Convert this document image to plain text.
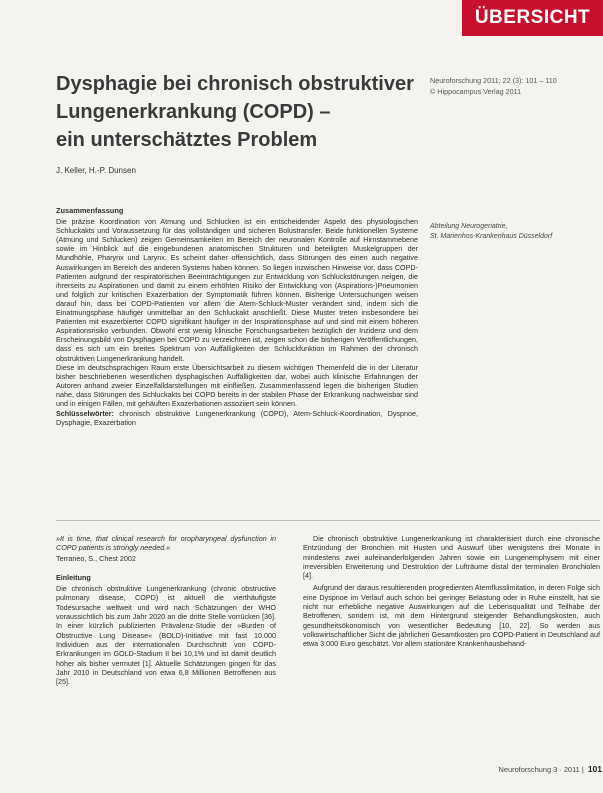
ÜBERSICHT
Dysphagie bei chronisch obstruktiver
Lungenerkrankung (COPD) –
ein unterschätztes Problem
Neuroforschung 2011; 22 (3): 101 – 110
© Hippocampus Verlag 2011
J. Keller, H.-P. Dunsen
Zusammenfassung

Die präzise Koordination von Atmung und Schlucken ist ein entscheidender Aspekt des physiologischen Schluckakts und Voraussetzung für das vollständigen und sicheren Bolustransfer. Beide funktionellen Systeme (Atmung und Schlucken) zeigen Gemeinsamkeiten im Bereich der neuronalen Kontrolle auf Hirnstammebene sowie im Hinblick auf die eingebundenen anatomischen Strukturen und beteiligten Muskelgruppen der Mundhöhle, Pharynx und Larynx. Es scheint daher offensichtlich, dass Störungen des einen auch negative Auswirkungen im Bereich des anderen Systems haben können. So liegen inzwischen Hinweise vor, dass COPD-Patienten aufgrund der respiratorischen Beeinträchtigungen zur Entwicklung von Schluckstörungen neigen, die ihrerseits zu Aspirationen und damit zu einem erhöhten Risiko der Entwicklung von (Aspirations-)Pneumonien und folglich zur kritischen Exazerbation der Symptomatik führen können. Bisherige Untersuchungen weisen darauf hin, dass bei COPD-Patienten vor allem die Atem-Schluck-Muster verändert sind, indem sich die Einatmungsphase häufiger unmittelbar an den Schluckakt anschließt. Diese Muster treten insbesondere bei Patienten mit exazerbierter COPD signifikant häufiger in der Inspirationsphase auf und sind mit einem höheren Aspirationsrisiko verbunden. Obwohl erst wenig klinische Forschungsarbeiten bezüglich der Inzidenz und dem Erscheinungsbild von Dysphagien bei COPD zu verzeichnen ist, zeigen schon die bisherigen Veröffentlichungen, dass es sich um ein breites Spektrum von Auffälligkeiten der Schluckfunktion im Rahmen der chronisch obstruktiven Lungenerkrankung handelt.

Diese im deutschsprachigen Raum erste Übersichtsarbeit zu diesem wichtigen Themenfeld die in der Literatur bisher beschriebenen wesentlichen dysphagischen Auffälligkeiten dar, wobei auch klinische Erfahrungen der Autoren anhand zweier Einzelfalldarstellungen mit einfließen. Zusammenfassend legen die bisherigen Studien nahe, dass Störungen des Schluckakts bei COPD bereits in der stabilen Phase der Erkrankung nachweisbar sind und in einigen Fällen, mit gehäuften Exazerbationen assoziiert sein können.

Schlüsselwörter: chronisch obstruktive Lungenerkrankung (COPD), Atem-Schluck-Koordination, Dyspnoe, Dysphagie, Exazerbation

Abteilung Neurogeriatrie,
St. Marienhos-Krankenhaus Düsseldorf

»It is time, that clinical research for oropharyngeal dysfunction in COPD patients is strongly needed.«

Terraneo, S., Chest 2002

Einleitung

Die chronisch obstruktive Lungenerkrankung (chronic obstructive pulmonary disease, COPD) ist aktuell die vierthäufigste Todesursache weltweit und wird nach Schätzungen der WHO voraussichtlich bis zum Jahr 2020 an die dritte Stelle vorrücken [36]. In einer kürzlich publizierten Prävalenz-Studie der »Burden of Obstructive Lung Disease« (BOLD)-Initiative mit fast 10.000 Individuen aus der internationalen Durchschnitt von COPD-Erkrankungen im GOLD-Stadium II bei 10,1% und ist damit deutlich höher als bisher vermutet [1]. Aktuelle Schätzungen gingen für das Jahr 2010 in Deutschland von etwa 6,8 Millionen Betroffenen aus [25].

Die chronisch obstruktive Lungenerkrankung ist charakterisiert durch eine chronische Entzündung der Bronchien mit Husten und Auswurf über wenigstens drei Monate in mindestens zwei aufeinanderfolgenden Jahren sowie ein Lungenemphysem mit einer irreversiblen Erweiterung und Destruktion der Lufträume distal der terminalen Bronchiolen [4].

Aufgrund der daraus resultierenden progredienten Atemflusslimitation, in deren Folge sich eine Dyspnoe im Verlauf auch schon bei geringer Belastung oder in Ruhe einstellt, hat sie nicht nur erhebliche negative Auswirkungen auf die Lebensqualität und Teilhabe der Betroffenen, sondern ist, mit dem Hintergrund steigender Behandlungskosten, auch gesundheitsökonomisch von wesentlicher Bedeutung [10, 22]. So werden aus volkswirtschaftlicher Sicht die jährlichen Gesamtkosten pro COPD-Patient in Deutschland auf etwa 3.000 Euro geschätzt. Vor allem stationäre Krankenhausbehand-

Neuroforschung 3 · 2011 | 101
